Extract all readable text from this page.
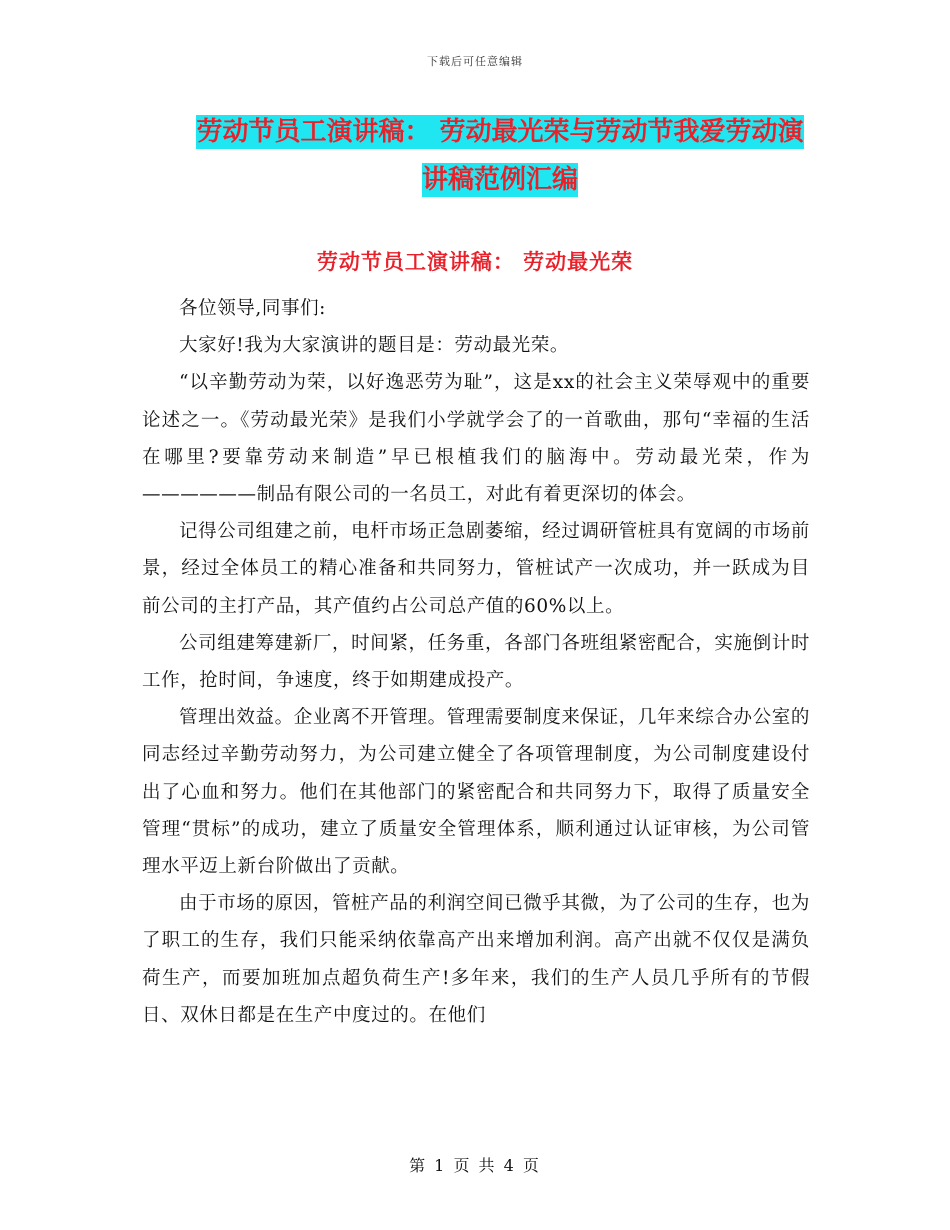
下载后可任意编辑
劳动节员工演讲稿： 劳动最光荣与劳动节我爱劳动演
讲稿范例汇编
劳动节员工演讲稿： 劳动最光荣

各位领导,同事们:

大家好!我为大家演讲的题目是：劳动最光荣。

“以辛勤劳动为荣，以好逸恶劳为耻”，这是xx的社会主义荣辱观中的重要论述之一。《劳动最光荣》是我们小学就学会了的一首歌曲，那句“幸福的生活在哪里?要靠劳动来制造”早已根植我们的脑海中。劳动最光荣，作为——————制品有限公司的一名员工，对此有着更深切的体会。

记得公司组建之前，电杆市场正急剧萎缩，经过调研管桩具有宽阔的市场前景，经过全体员工的精心准备和共同努力，管桩试产一次成功，并一跃成为目前公司的主打产品，其产值约占公司总产值的60%以上。

公司组建筹建新厂，时间紧，任务重，各部门各班组紧密配合，实施倒计时工作，抢时间，争速度，终于如期建成投产。

管理出效益。企业离不开管理。管理需要制度来保证，几年来综合办公室的同志经过辛勤劳动努力，为公司建立健全了各项管理制度，为公司制度建设付出了心血和努力。他们在其他部门的紧密配合和共同努力下，取得了质量安全管理“贯标”的成功，建立了质量安全管理体系，顺利通过认证审核，为公司管理水平迈上新台阶做出了贡献。

由于市场的原因，管桩产品的利润空间已微乎其微，为了公司的生存，也为了职工的生存，我们只能采纳依靠高产出来增加利润。高产出就不仅仅是满负荷生产，而要加班加点超负荷生产!多年来，我们的生产人员几乎所有的节假日、双休日都是在生产中度过的。在他们

第 1 页 共 4 页
